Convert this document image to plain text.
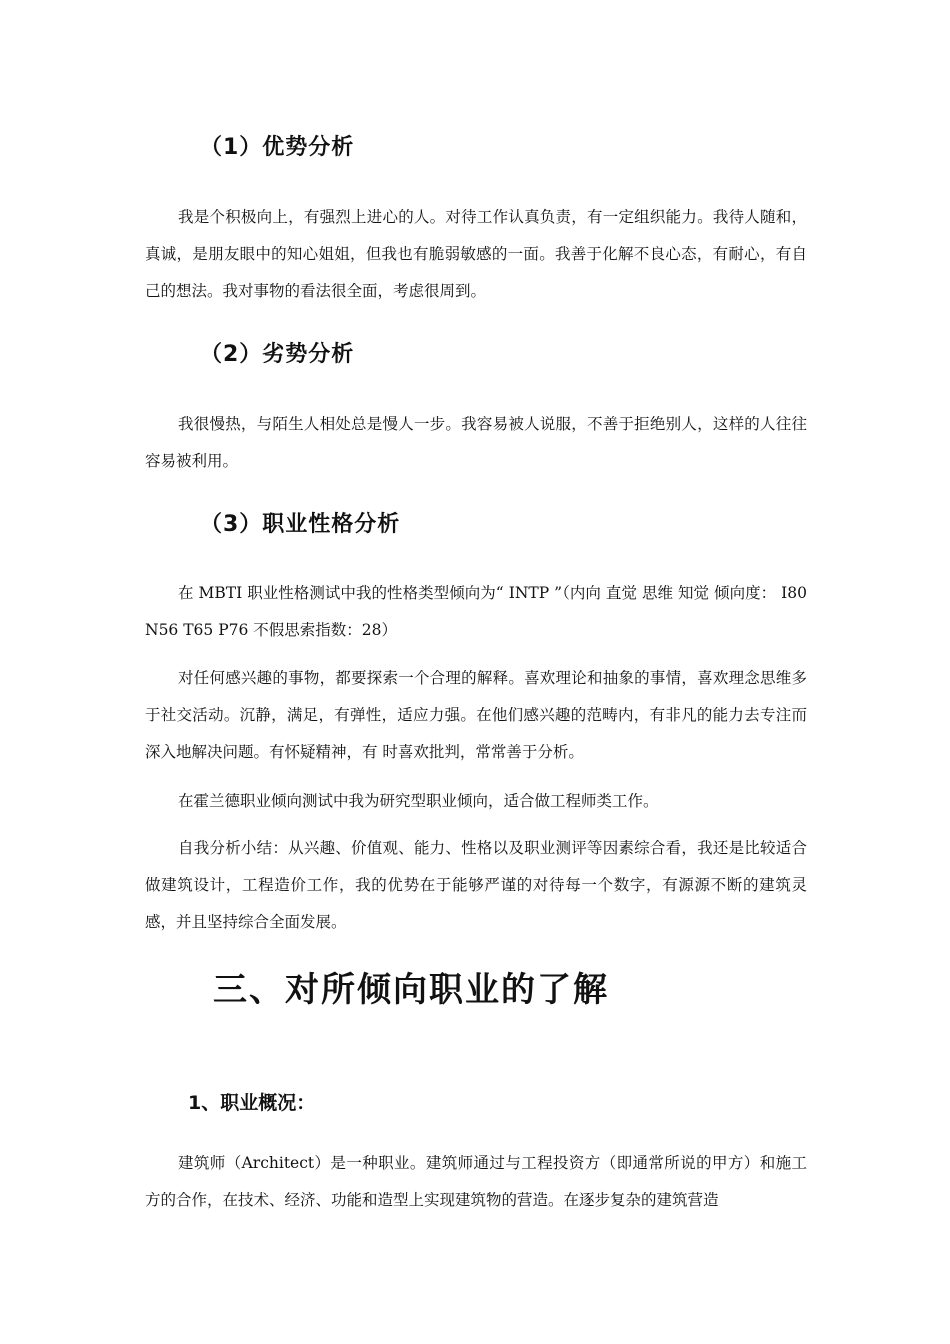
（1）优势分析

我是个积极向上，有强烈上进心的人。对待工作认真负责，有一定组织能力。我待人随和，真诚，是朋友眼中的知心姐姐，但我也有脆弱敏感的一面。我善于化解不良心态，有耐心，有自己的想法。我对事物的看法很全面，考虑很周到。

（2）劣势分析

我很慢热，与陌生人相处总是慢人一步。我容易被人说服，不善于拒绝别人，这样的人往往容易被利用。

（3）职业性格分析

在 MBTI 职业性格测试中我的性格类型倾向为“ INTP ”（内向 直觉 思维 知觉 倾向度： I80 N56 T65 P76 不假思索指数：28）

对任何感兴趣的事物，都要探索一个合理的解释。喜欢理论和抽象的事情，喜欢理念思维多于社交活动。沉静，满足，有弹性，适应力强。在他们感兴趣的范畴内，有非凡的能力去专注而深入地解决问题。有怀疑精神，有 时喜欢批判，常常善于分析。

在霍兰德职业倾向测试中我为研究型职业倾向，适合做工程师类工作。

自我分析小结：从兴趣、价值观、能力、性格以及职业测评等因素综合看，我还是比较适合做建筑设计，工程造价工作，我的优势在于能够严谨的对待每一个数字，有源源不断的建筑灵感，并且坚持综合全面发展。

三、对所倾向职业的了解
1、职业概况：

建筑师（Architect）是一种职业。建筑师通过与工程投资方（即通常所说的甲方）和施工方的合作，在技术、经济、功能和造型上实现建筑物的营造。在逐步复杂的建筑营造
